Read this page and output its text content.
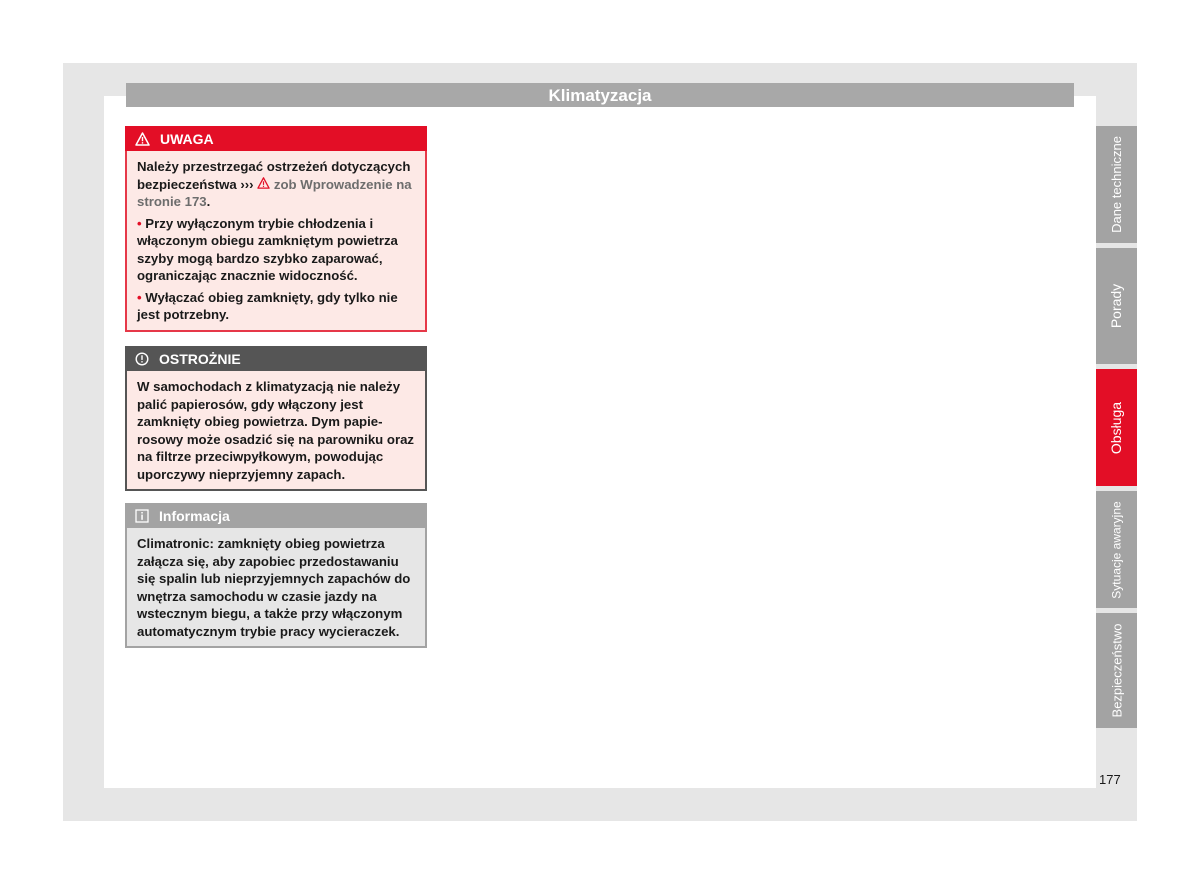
Klimatyzacja
UWAGA

Należy przestrzegać ostrzeżeń dotyczących bezpieczeństwa ››› zob Wprowadzenie na stronie 173.

• Przy wyłączonym trybie chłodzenia i włączonym obiegu zamkniętym powietrza szyby mogą bardzo szybko zaparować, ograniczając znacznie widoczność.

• Wyłączać obieg zamknięty, gdy tylko nie jest potrzebny.

OSTROŻNIE

W samochodach z klimatyzacją nie należy palić papierosów, gdy włączony jest zamknięty obieg powietrza. Dym papierosowy może osadzić się na parowniku oraz na filtrze przeciwpyłkowym, powodując uporczywy nieprzyjemny zapach.

Informacja

Climatronic: zamknięty obieg powietrza załącza się, aby zapobiec przedostawaniu się spalin lub nieprzyjemnych zapachów do wnętrza samochodu w czasie jazdy na wstecznym biegu, a także przy włączonym automatycznym trybie pracy wycieraczek.

Dane techniczne
Porady
Obsługa
Sytuacje awaryjne
Bezpieczeństwo
177
